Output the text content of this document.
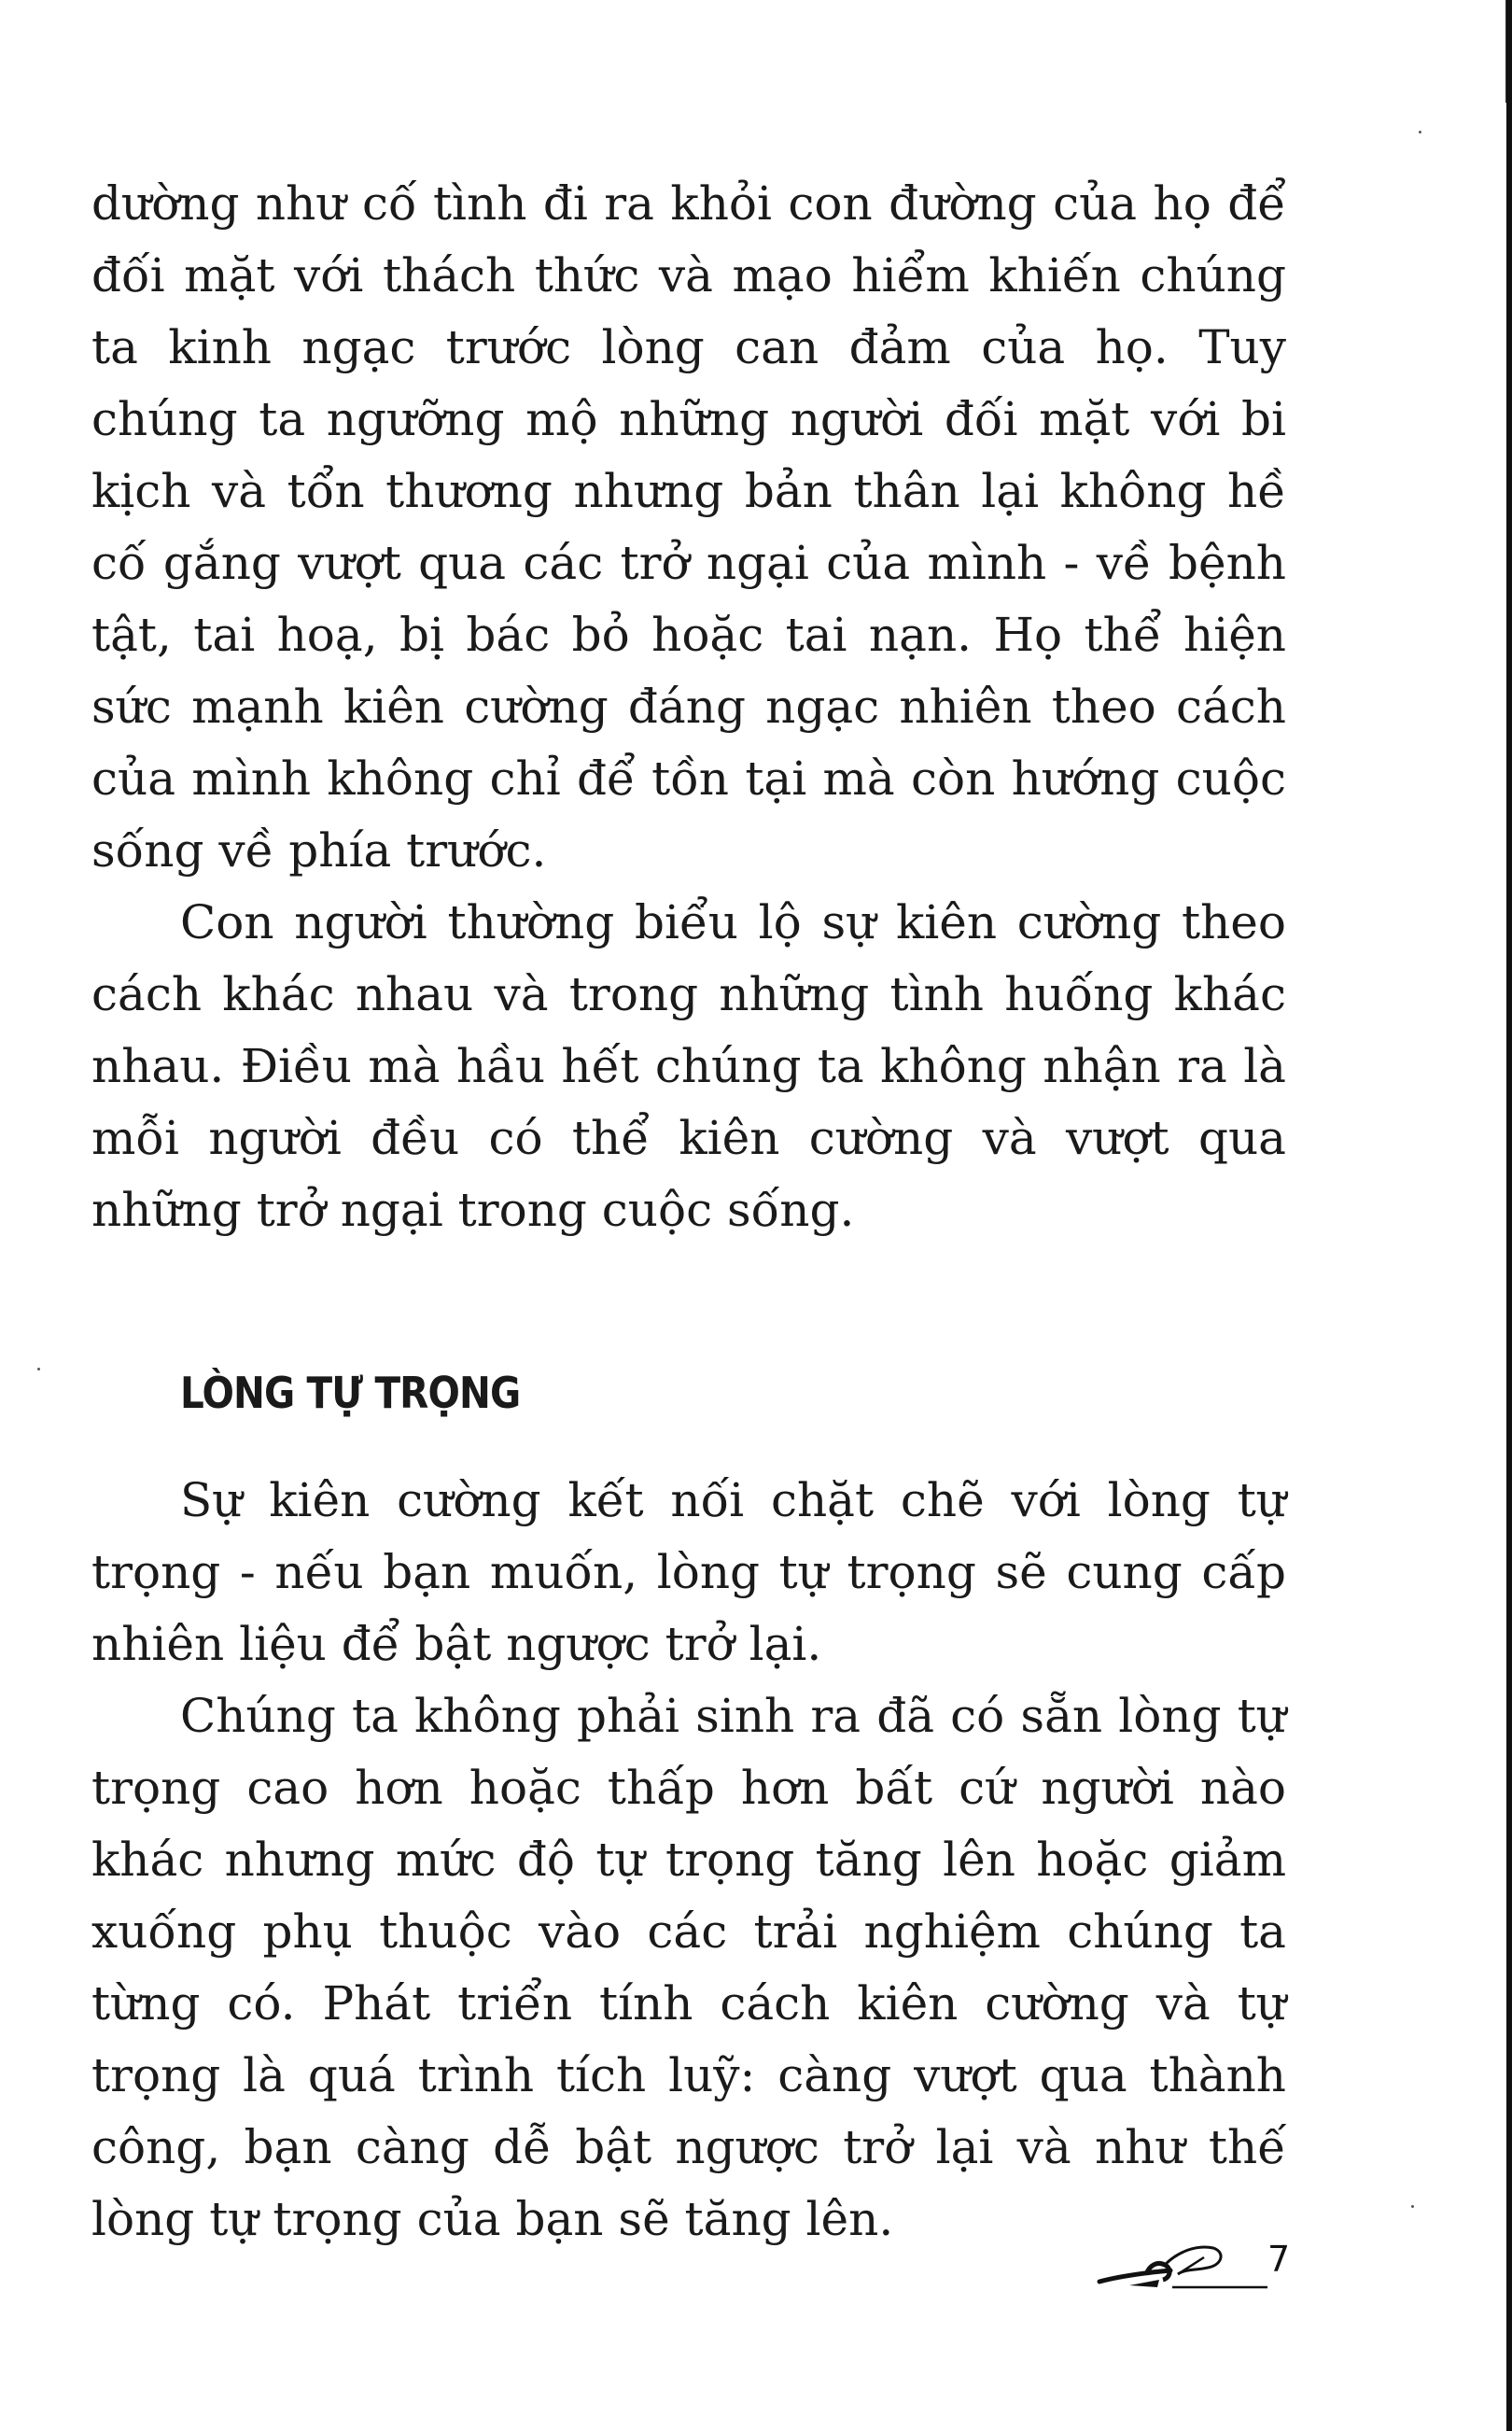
dường như cố tình đi ra khỏi con đường của họ để đối mặt với thách thức và mạo hiểm khiến chúng ta kinh ngạc trước lòng can đảm của họ. Tuy chúng ta ngưỡng mộ những người đối mặt với bi kịch và tổn thương nhưng bản thân lại không hề cố gắng vượt qua các trở ngại của mình - về bệnh tật, tai hoạ, bị bác bỏ hoặc tai nạn. Họ thể hiện sức mạnh kiên cường đáng ngạc nhiên theo cách của mình không chỉ để tồn tại mà còn hướng cuộc sống về phía trước.

Con người thường biểu lộ sự kiên cường theo cách khác nhau và trong những tình huống khác nhau. Điều mà hầu hết chúng ta không nhận ra là mỗi người đều có thể kiên cường và vượt qua những trở ngại trong cuộc sống.

LÒNG TỰ TRỌNG

Sự kiên cường kết nối chặt chẽ với lòng tự trọng - nếu bạn muốn, lòng tự trọng sẽ cung cấp nhiên liệu để bật ngược trở lại.

Chúng ta không phải sinh ra đã có sẵn lòng tự trọng cao hơn hoặc thấp hơn bất cứ người nào khác nhưng mức độ tự trọng tăng lên hoặc giảm xuống phụ thuộc vào các trải nghiệm chúng ta từng có. Phát triển tính cách kiên cường và tự trọng là quá trình tích luỹ: càng vượt qua thành công, bạn càng dễ bật ngược trở lại và như thế lòng tự trọng của bạn sẽ tăng lên.

7
